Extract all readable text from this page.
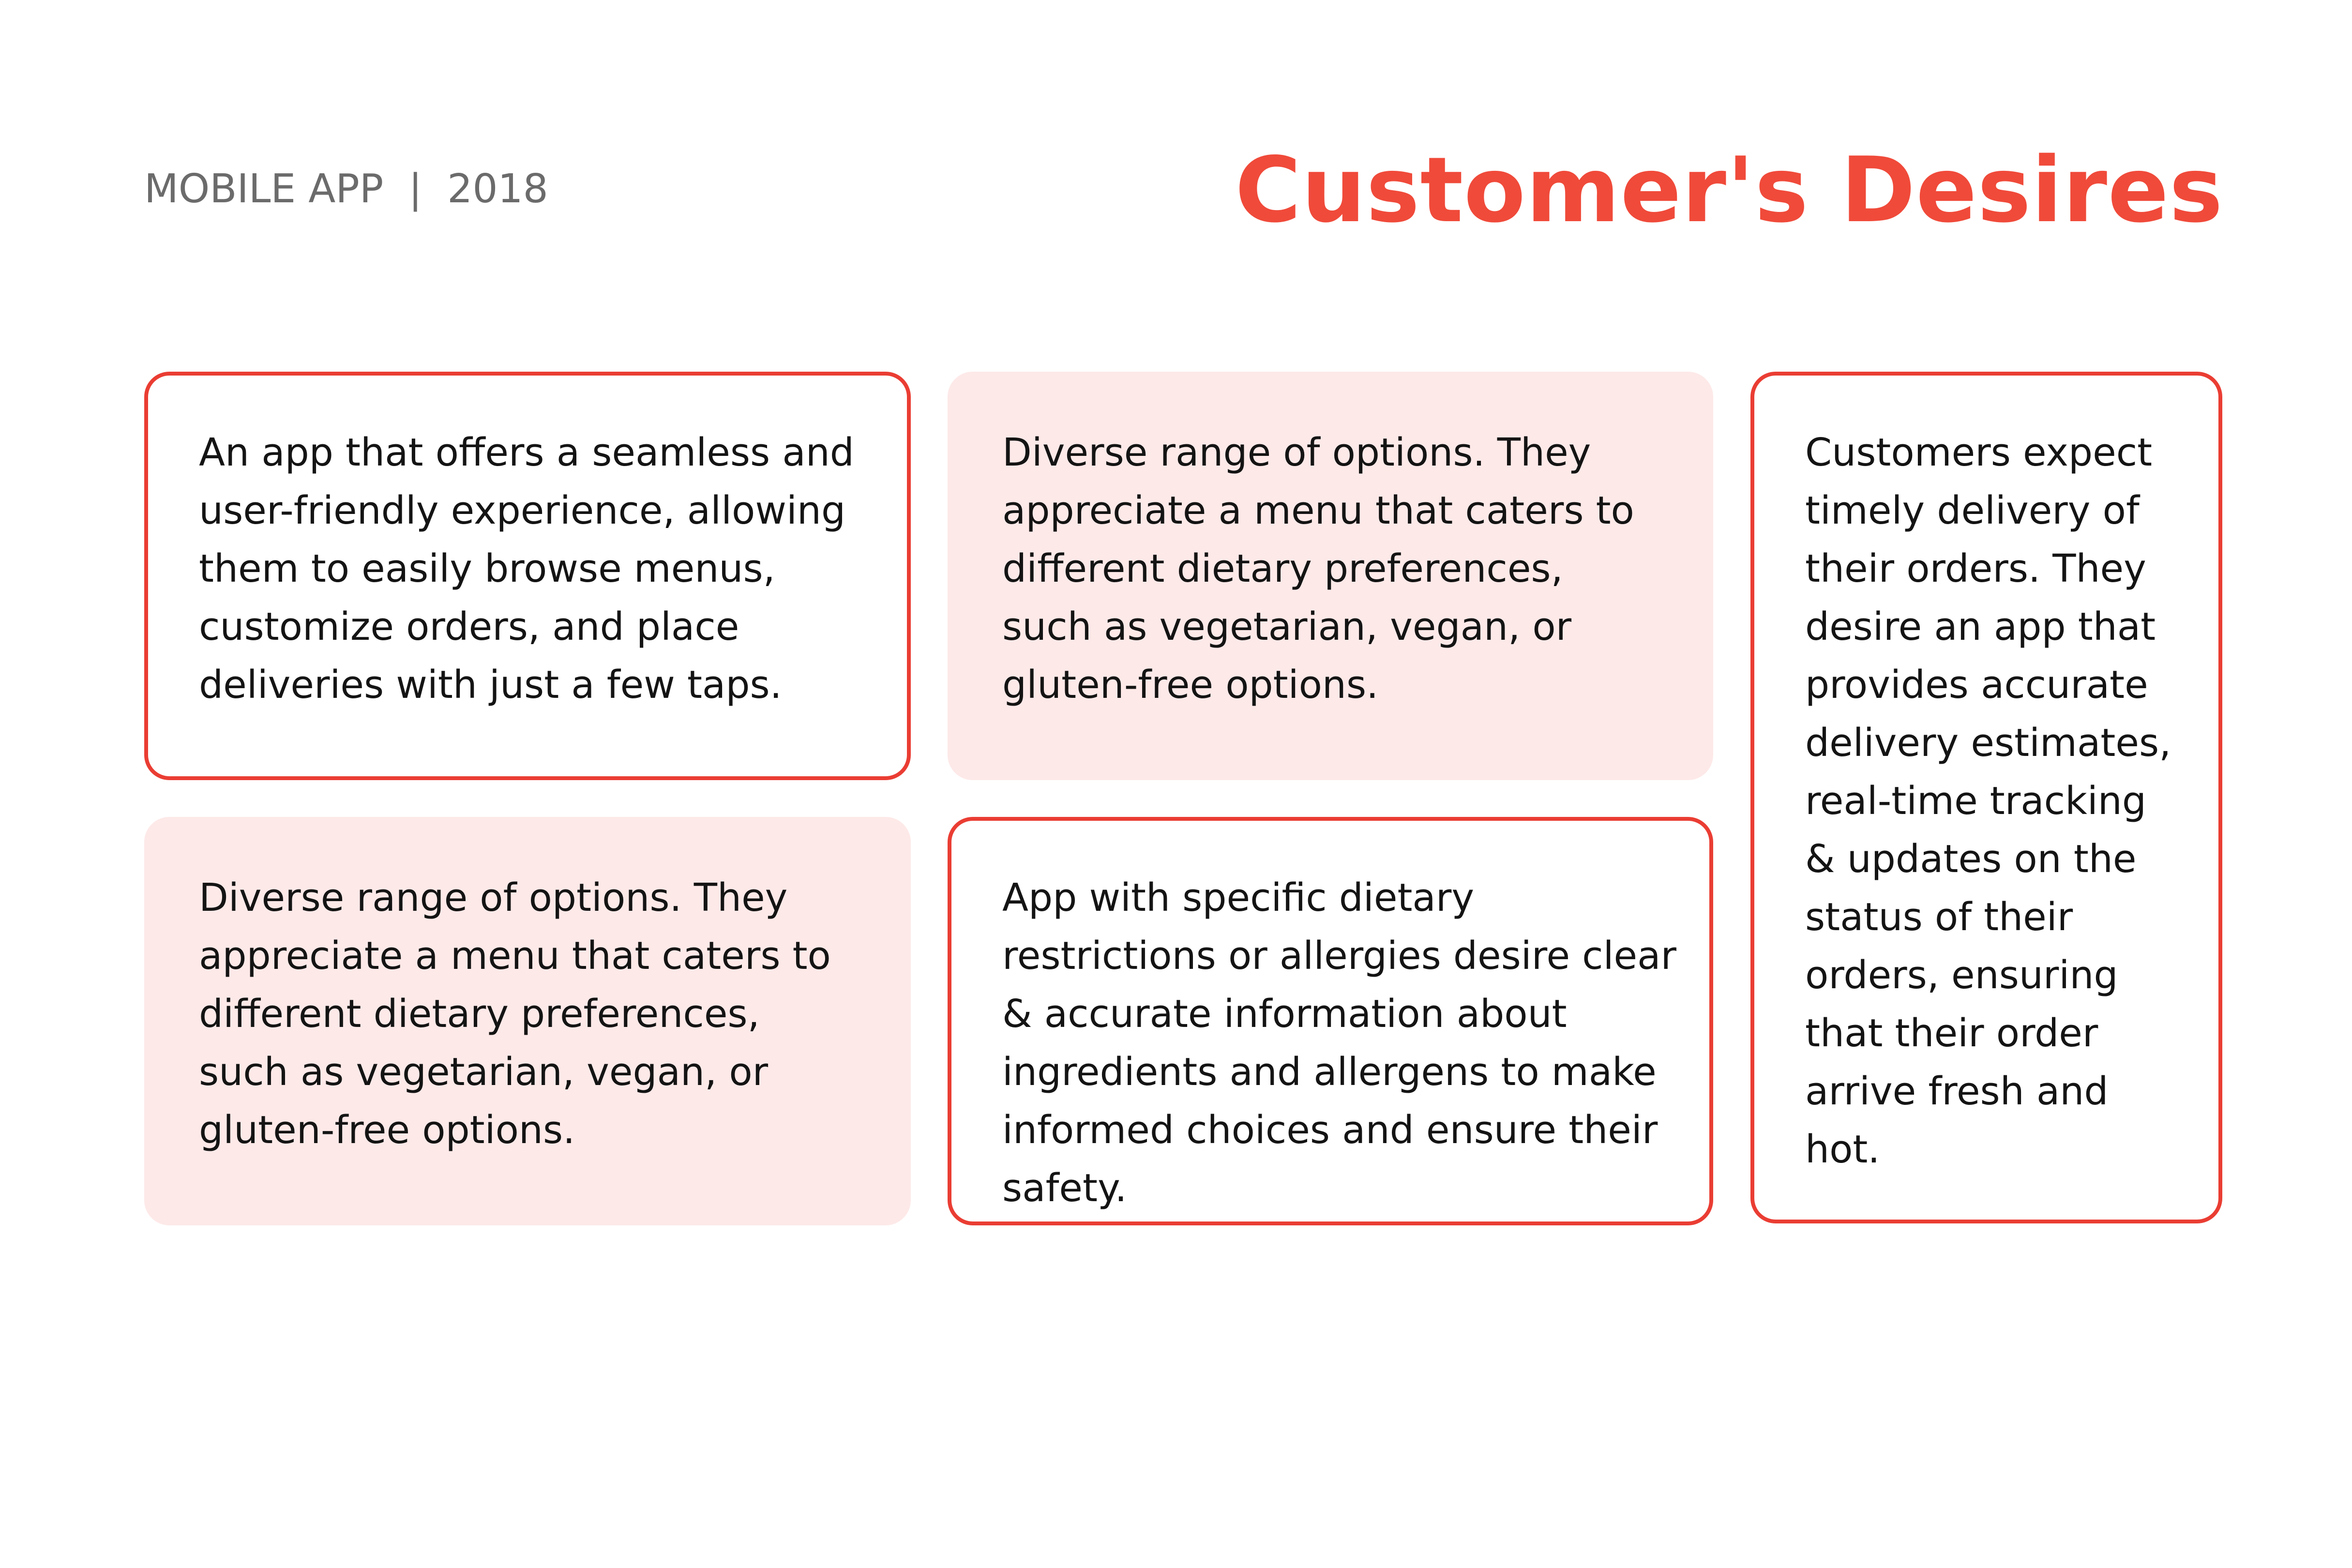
MOBILE APP  |  2018	Customer's Desires
An app that offers a seamless and user-friendly experience, allowing them to easily browse menus, customize orders, and place deliveries with just a few taps.
Diverse range of options. They appreciate a menu that caters to different dietary preferences, such as vegetarian, vegan, or gluten-free options.
Customers expect timely delivery of their orders. They desire an app that provides accurate delivery estimates, real-time tracking & updates on the status of their orders, ensuring that their order arrive fresh and hot.
Diverse range of options. They appreciate a menu that caters to different dietary preferences, such as vegetarian, vegan, or gluten-free options.
App with specific dietary restrictions or allergies desire clear & accurate information about ingredients and allergens to make informed choices and ensure their safety.
